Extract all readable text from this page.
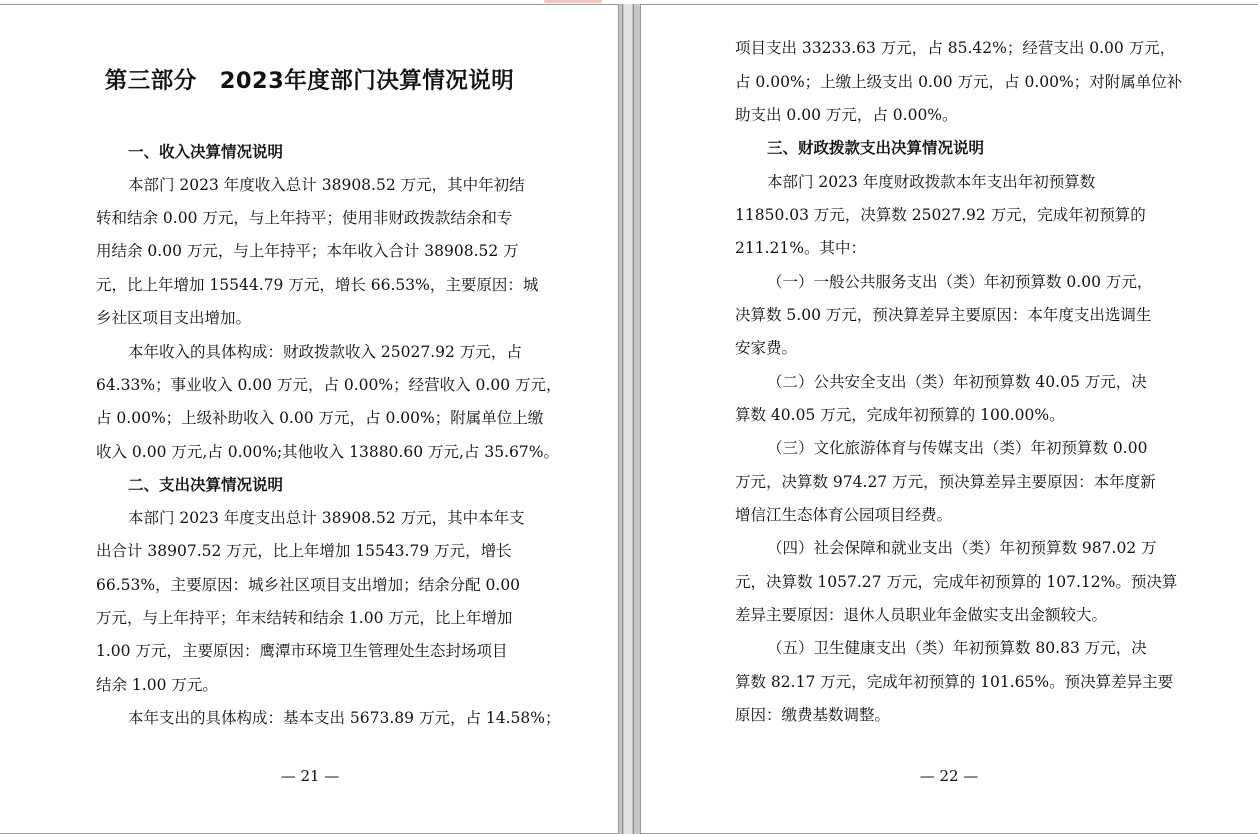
第三部分　2023年度部门决算情况说明
一、收入决算情况说明
本部门 2023 年度收入总计 38908.52 万元，其中年初结
转和结余 0.00 万元，与上年持平；使用非财政拨款结余和专
用结余 0.00 万元，与上年持平；本年收入合计 38908.52 万
元，比上年增加 15544.79 万元，增长 66.53%，主要原因：城
乡社区项目支出增加。
本年收入的具体构成：财政拨款收入 25027.92 万元，占
64.33%；事业收入 0.00 万元，占 0.00%；经营收入 0.00 万元，
占 0.00%；上级补助收入 0.00 万元，占 0.00%；附属单位上缴
收入 0.00 万元,占 0.00%;其他收入 13880.60 万元,占 35.67%。
二、支出决算情况说明
本部门 2023 年度支出总计 38908.52 万元，其中本年支
出合计 38907.52 万元，比上年增加 15543.79 万元，增长
66.53%，主要原因：城乡社区项目支出增加；结余分配 0.00
万元，与上年持平；年末结转和结余 1.00 万元，比上年增加
1.00 万元，主要原因：鹰潭市环境卫生管理处生态封场项目
结余 1.00 万元。
本年支出的具体构成：基本支出 5673.89 万元，占 14.58%；
— 21 —
项目支出 33233.63 万元，占 85.42%；经营支出 0.00 万元，
占 0.00%；上缴上级支出 0.00 万元，占 0.00%；对附属单位补
助支出 0.00 万元，占 0.00%。
三、财政拨款支出决算情况说明
本部门 2023 年度财政拨款本年支出年初预算数
11850.03 万元，决算数 25027.92 万元，完成年初预算的
211.21%。其中：
（一）一般公共服务支出（类）年初预算数 0.00 万元，
决算数 5.00 万元，预决算差异主要原因：本年度支出选调生
安家费。
（二）公共安全支出（类）年初预算数 40.05 万元，决
算数 40.05 万元，完成年初预算的 100.00%。
（三）文化旅游体育与传媒支出（类）年初预算数 0.00
万元，决算数 974.27 万元，预决算差异主要原因：本年度新
增信江生态体育公园项目经费。
（四）社会保障和就业支出（类）年初预算数 987.02 万
元，决算数 1057.27 万元，完成年初预算的 107.12%。预决算
差异主要原因：退休人员职业年金做实支出金额较大。
（五）卫生健康支出（类）年初预算数 80.83 万元，决
算数 82.17 万元，完成年初预算的 101.65%。预决算差异主要
原因：缴费基数调整。
— 22 —
